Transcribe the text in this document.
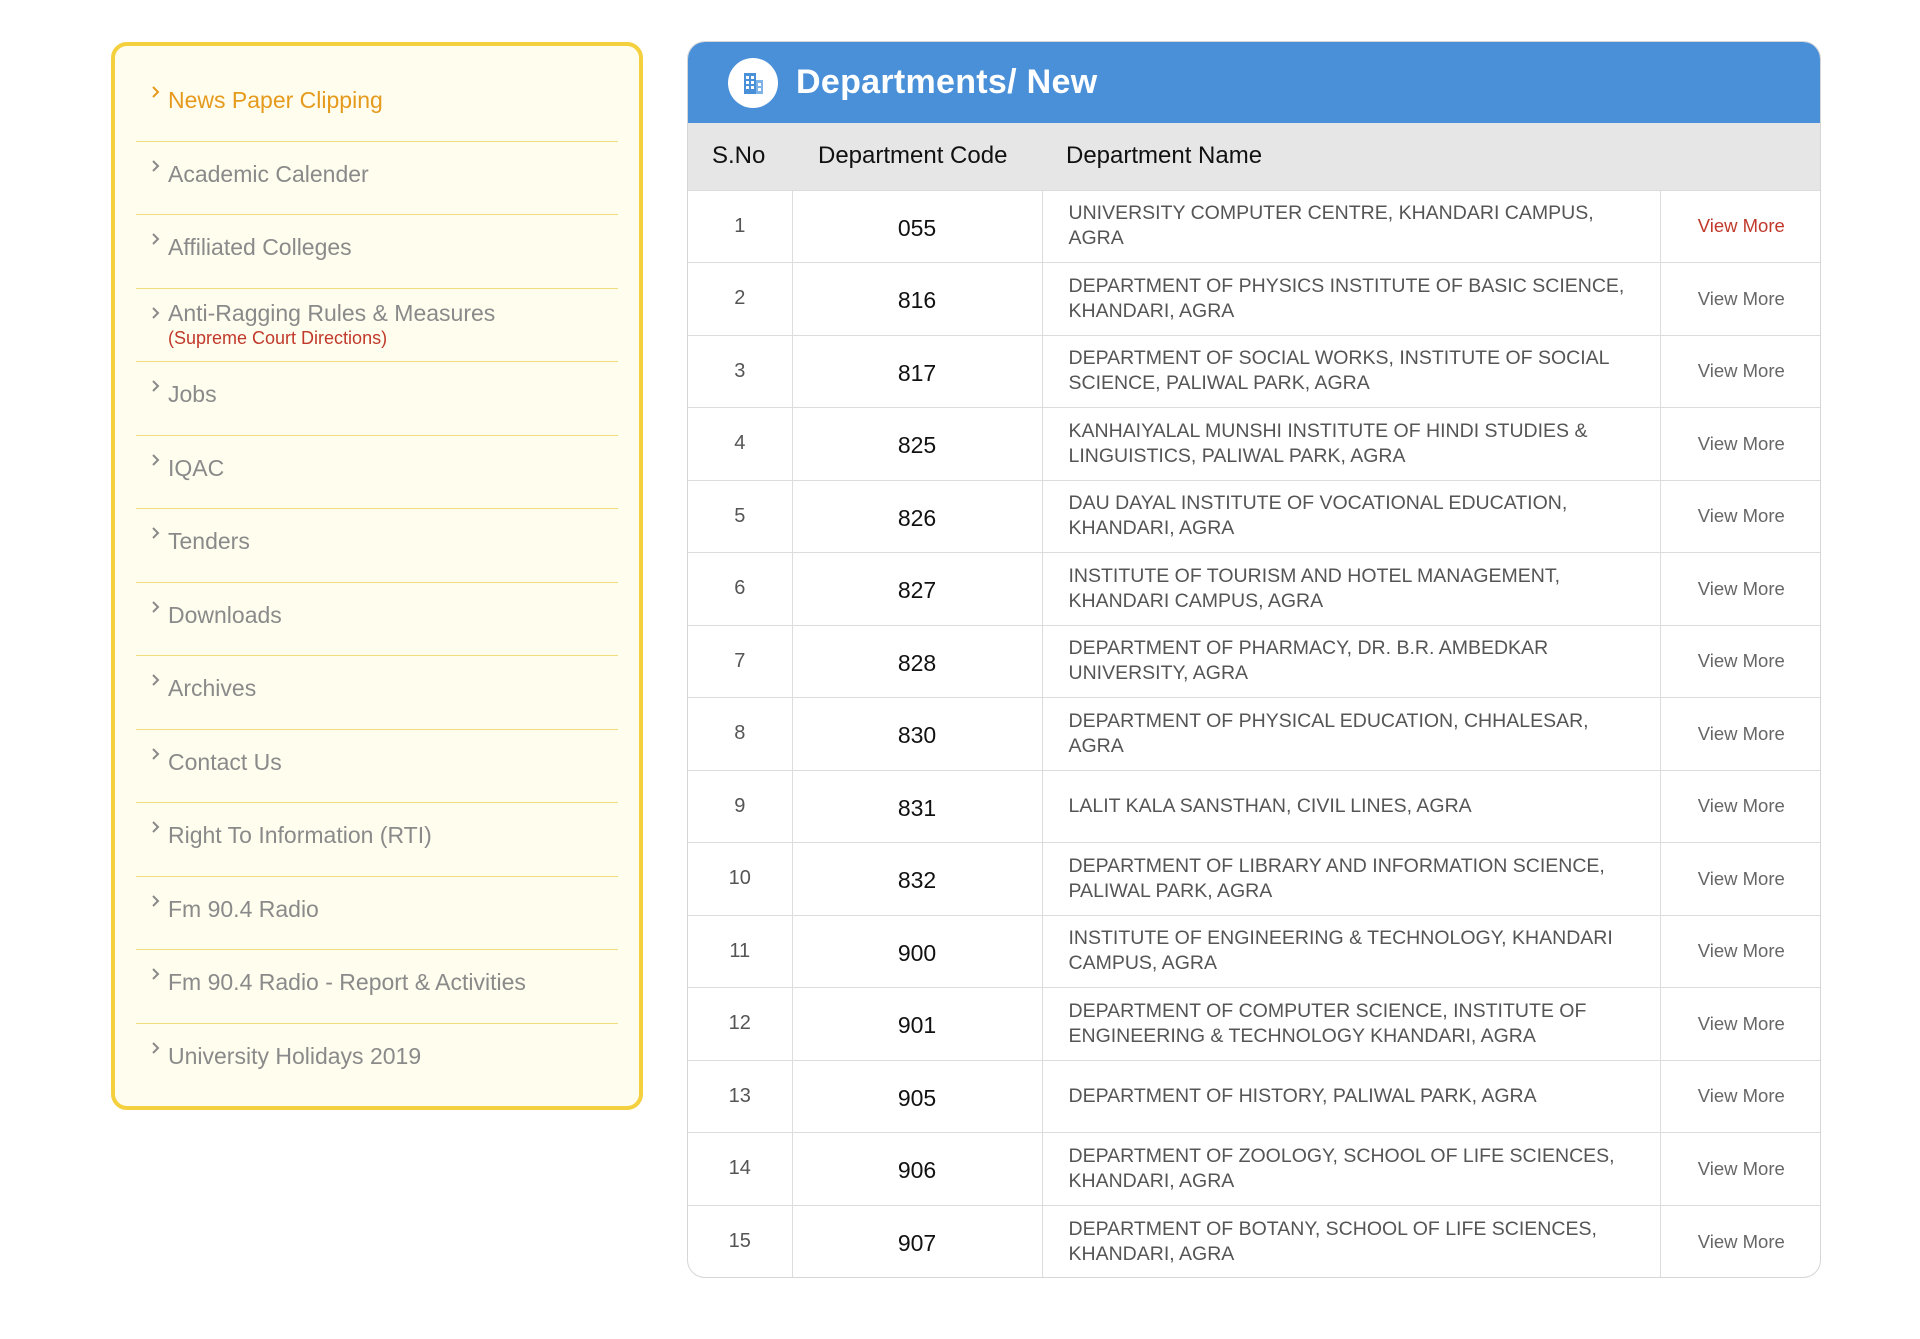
News Paper Clipping
Academic Calender
Affiliated Colleges
Anti-Ragging Rules & Measures
(Supreme Court Directions)
Jobs
IQAC
Tenders
Downloads
Archives
Contact Us
Right To Information (RTI)
Fm 90.4 Radio
Fm 90.4 Radio - Report & Activities
University Holidays 2019
Departments/ New
S.No	Department Code	Department Name	
1	055	UNIVERSITY COMPUTER CENTRE, KHANDARI CAMPUS, AGRA	View More
2	816	DEPARTMENT OF PHYSICS INSTITUTE OF BASIC SCIENCE, KHANDARI, AGRA	View More
3	817	DEPARTMENT OF SOCIAL WORKS, INSTITUTE OF SOCIAL SCIENCE, PALIWAL PARK, AGRA	View More
4	825	KANHAIYALAL MUNSHI INSTITUTE OF HINDI STUDIES & LINGUISTICS, PALIWAL PARK, AGRA	View More
5	826	DAU DAYAL INSTITUTE OF VOCATIONAL EDUCATION, KHANDARI, AGRA	View More
6	827	INSTITUTE OF TOURISM AND HOTEL MANAGEMENT, KHANDARI CAMPUS, AGRA	View More
7	828	DEPARTMENT OF PHARMACY, DR. B.R. AMBEDKAR UNIVERSITY, AGRA	View More
8	830	DEPARTMENT OF PHYSICAL EDUCATION, CHHALESAR, AGRA	View More
9	831	LALIT KALA SANSTHAN, CIVIL LINES, AGRA	View More
10	832	DEPARTMENT OF LIBRARY AND INFORMATION SCIENCE, PALIWAL PARK, AGRA	View More
11	900	INSTITUTE OF ENGINEERING & TECHNOLOGY, KHANDARI CAMPUS, AGRA	View More
12	901	DEPARTMENT OF COMPUTER SCIENCE, INSTITUTE OF ENGINEERING & TECHNOLOGY KHANDARI, AGRA	View More
13	905	DEPARTMENT OF HISTORY, PALIWAL PARK, AGRA	View More
14	906	DEPARTMENT OF ZOOLOGY, SCHOOL OF LIFE SCIENCES, KHANDARI, AGRA	View More
15	907	DEPARTMENT OF BOTANY, SCHOOL OF LIFE SCIENCES, KHANDARI, AGRA	View More
